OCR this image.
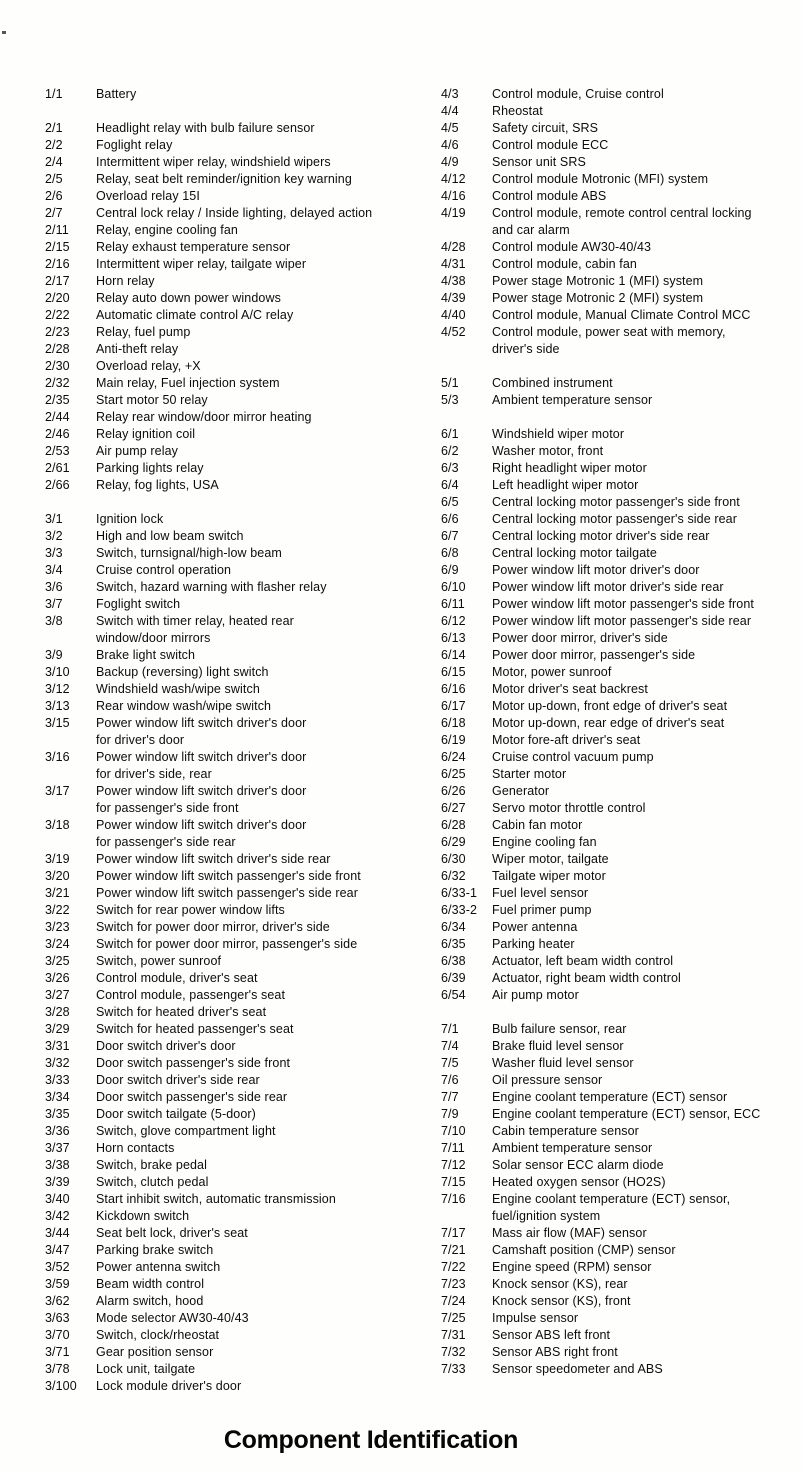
1/1	Battery
2/1	Headlight relay with bulb failure sensor
2/2	Foglight relay
2/4	Intermittent wiper relay, windshield wipers
2/5	Relay, seat belt reminder/ignition key warning
2/6	Overload relay 15I
2/7	Central lock relay / Inside lighting, delayed action
2/11	Relay, engine cooling fan
2/15	Relay exhaust temperature sensor
2/16	Intermittent wiper relay, tailgate wiper
2/17	Horn relay
2/20	Relay auto down power windows
2/22	Automatic climate control A/C relay
2/23	Relay, fuel pump
2/28	Anti-theft relay
2/30	Overload relay, +X
2/32	Main relay, Fuel injection system
2/35	Start motor 50 relay
2/44	Relay rear window/door mirror heating
2/46	Relay ignition coil
2/53	Air pump relay
2/61	Parking lights relay
2/66	Relay, fog lights, USA
3/1	Ignition lock
3/2	High and low beam switch
3/3	Switch, turnsignal/high-low beam
3/4	Cruise control operation
3/6	Switch, hazard warning with flasher relay
3/7	Foglight switch
3/8	Switch with timer relay, heated rear
window/door mirrors
3/9	Brake light switch
3/10	Backup (reversing) light switch
3/12	Windshield wash/wipe switch
3/13	Rear window wash/wipe switch
3/15	Power window lift switch driver's door
for driver's door
3/16	Power window lift switch driver's door
for driver's side, rear
3/17	Power window lift switch driver's door
for passenger's side front
3/18	Power window lift switch driver's door
for passenger's side rear
3/19	Power window lift switch driver's side rear
3/20	Power window lift switch passenger's side front
3/21	Power window lift switch passenger's side rear
3/22	Switch for rear power window lifts
3/23	Switch for power door mirror, driver's side
3/24	Switch for power door mirror, passenger's side
3/25	Switch, power sunroof
3/26	Control module, driver's seat
3/27	Control module, passenger's seat
3/28	Switch for heated driver's seat
3/29	Switch for heated passenger's seat
3/31	Door switch driver's door
3/32	Door switch passenger's side front
3/33	Door switch driver's side rear
3/34	Door switch passenger's side rear
3/35	Door switch tailgate (5-door)
3/36	Switch, glove compartment light
3/37	Horn contacts
3/38	Switch, brake pedal
3/39	Switch, clutch pedal
3/40	Start inhibit switch, automatic transmission
3/42	Kickdown switch
3/44	Seat belt lock, driver's seat
3/47	Parking brake switch
3/52	Power antenna switch
3/59	Beam width control
3/62	Alarm switch, hood
3/63	Mode selector AW30-40/43
3/70	Switch, clock/rheostat
3/71	Gear position sensor
3/78	Lock unit, tailgate
3/100	Lock module driver's door
4/3	Control module, Cruise control
4/4	Rheostat
4/5	Safety circuit, SRS
4/6	Control module ECC
4/9	Sensor unit SRS
4/12	Control module Motronic (MFI) system
4/16	Control module ABS
4/19	Control module, remote control central locking
and car alarm
4/28	Control module AW30-40/43
4/31	Control module, cabin fan
4/38	Power stage Motronic 1 (MFI) system
4/39	Power stage Motronic 2 (MFI) system
4/40	Control module, Manual Climate Control MCC
4/52	Control module, power seat with memory,
driver's side
5/1	Combined instrument
5/3	Ambient temperature sensor
6/1	Windshield wiper motor
6/2	Washer motor, front
6/3	Right headlight wiper motor
6/4	Left headlight wiper motor
6/5	Central locking motor passenger's side front
6/6	Central locking motor passenger's side rear
6/7	Central locking motor driver's side rear
6/8	Central locking motor tailgate
6/9	Power window lift motor driver's door
6/10	Power window lift motor driver's side rear
6/11	Power window lift motor passenger's side front
6/12	Power window lift motor passenger's side rear
6/13	Power door mirror, driver's side
6/14	Power door mirror, passenger's side
6/15	Motor, power sunroof
6/16	Motor driver's seat backrest
6/17	Motor up-down, front edge of driver's seat
6/18	Motor up-down, rear edge of driver's seat
6/19	Motor fore-aft driver's seat
6/24	Cruise control vacuum pump
6/25	Starter motor
6/26	Generator
6/27	Servo motor throttle control
6/28	Cabin fan motor
6/29	Engine cooling fan
6/30	Wiper motor, tailgate
6/32	Tailgate wiper motor
6/33-1	Fuel level sensor
6/33-2	Fuel primer pump
6/34	Power antenna
6/35	Parking heater
6/38	Actuator, left beam width control
6/39	Actuator, right beam width control
6/54	Air pump motor
7/1	Bulb failure sensor, rear
7/4	Brake fluid level sensor
7/5	Washer fluid level sensor
7/6	Oil pressure sensor
7/7	Engine coolant temperature (ECT) sensor
7/9	Engine coolant temperature (ECT) sensor, ECC
7/10	Cabin temperature sensor
7/11	Ambient temperature sensor
7/12	Solar sensor ECC alarm diode
7/15	Heated oxygen sensor (HO2S)
7/16	Engine coolant temperature (ECT) sensor,
fuel/ignition system
7/17	Mass air flow (MAF) sensor
7/21	Camshaft position (CMP) sensor
7/22	Engine speed (RPM) sensor
7/23	Knock sensor (KS), rear
7/24	Knock sensor (KS), front
7/25	Impulse sensor
7/31	Sensor ABS left front
7/32	Sensor ABS right front
7/33	Sensor speedometer and ABS
Component Identification
